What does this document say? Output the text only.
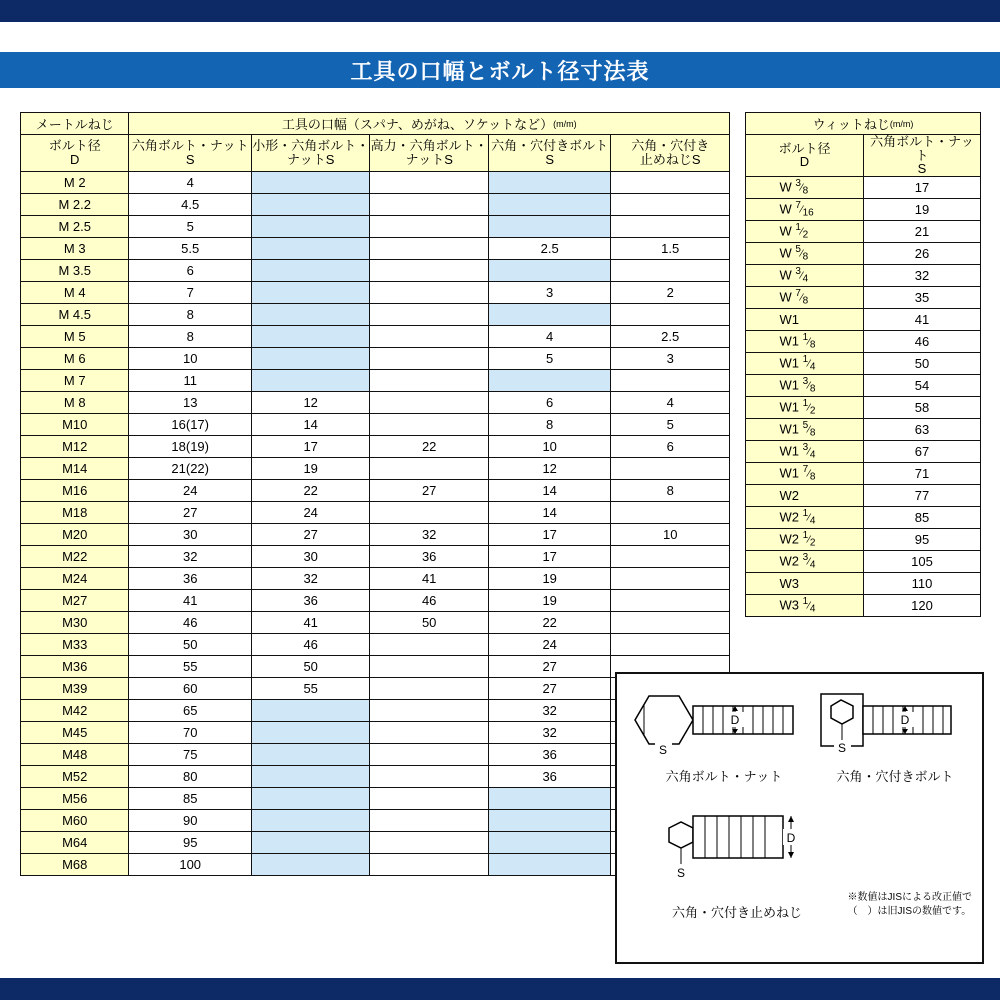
工具の口幅とボルト径寸法表
メートルねじ	工具の口幅（スパナ、めがね、ソケットなど）(m/m)				

ボルト径
D

六角ボルト・ナット
S

小形・六角ボルト・
ナットS

高力・六角ボルト・
ナットS

六角・穴付きボルト
S

六角・穴付き
止めねじS

M 2	4				
M 2.2	4.5				
M 2.5	5				
M 3	5.5			2.5	1.5
M 3.5	6				
M 4	7			3	2
M 4.5	8				
M 5	8			4	2.5
M 6	10			5	3
M 7	11				
M 8	13	12		6	4
M10	16(17)	14		8	5
M12	18(19)	17	22	10	6
M14	21(22)	19		12	
M16	24	22	27	14	8
M18	27	24		14	
M20	30	27	32	17	10
M22	32	30	36	17	
M24	36	32	41	19	
M27	41	36	46	19	
M30	46	41	50	22	
M33	50	46		24	
M36	55	50		27	
M39	60	55		27	
M42	65			32	
M45	70			32	
M48	75			36	
M52	80			36	
M56	85				
M60	90				
M64	95				
M68	100				
ウィットねじ(m/m)	

ボルト径
D

六角ボルト・ナット
S

W $^3⁄_8$	17
W $^7⁄_{16}$	19
W $^1⁄_2$	21
W $^5⁄_8$	26
W $^3⁄_4$	32
W $^7⁄_8$	35
W1	41
W1 $^1⁄_8$	46
W1 $^1⁄_4$	50
W1 $^3⁄_8$	54
W1 $^1⁄_2$	58
W1 $^5⁄_8$	63
W1 $^3⁄_4$	67
W1 $^7⁄_8$	71
W2	77
W2 $^1⁄_4$	85
W2 $^1⁄_2$	95
W2 $^3⁄_4$	105
W3	110
W3 $^1⁄_4$	120
D
S
六角ボルト・ナット
D
S
六角・穴付きボルト
D
S
六角・穴付き止めねじ
※数値はJISによる改正値で
（　）は旧JISの数値です。
